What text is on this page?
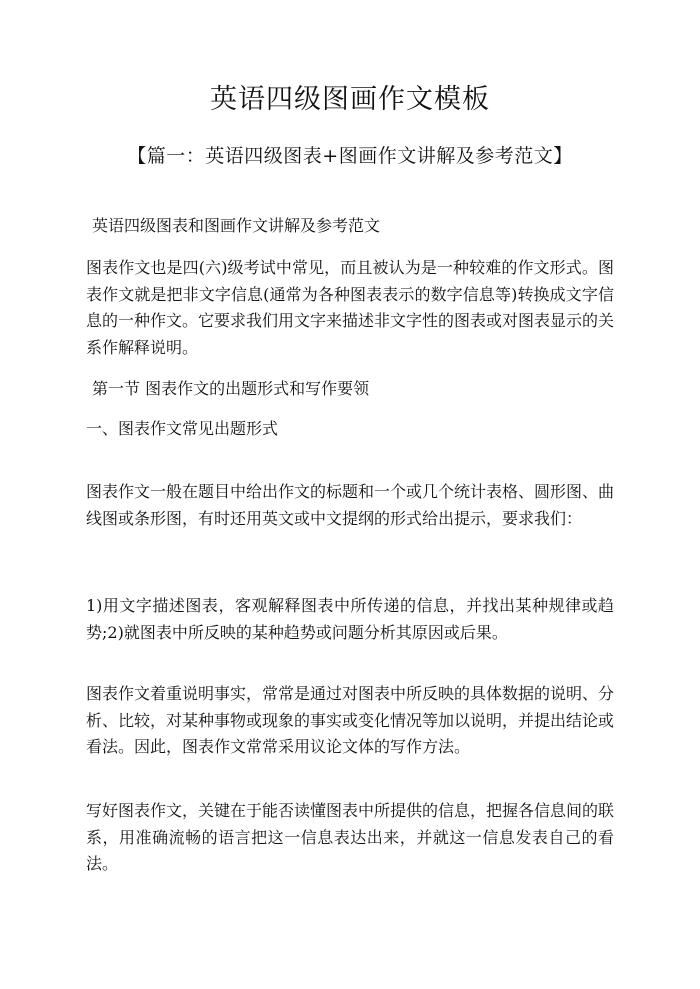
英语四级图画作文模板
【篇一：英语四级图表+图画作文讲解及参考范文】
英语四级图表和图画作文讲解及参考范文
图表作文也是四(六)级考试中常见，而且被认为是一种较难的作文形式。图表作文就是把非文字信息(通常为各种图表表示的数字信息等)转换成文字信息的一种作文。它要求我们用文字来描述非文字性的图表或对图表显示的关系作解释说明。
第一节 图表作文的出题形式和写作要领
一、图表作文常见出题形式
图表作文一般在题目中给出作文的标题和一个或几个统计表格、圆形图、曲线图或条形图，有时还用英文或中文提纲的形式给出提示，要求我们：
1)用文字描述图表，客观解释图表中所传递的信息，并找出某种规律或趋势;2)就图表中所反映的某种趋势或问题分析其原因或后果。
图表作文着重说明事实，常常是通过对图表中所反映的具体数据的说明、分析、比较，对某种事物或现象的事实或变化情况等加以说明，并提出结论或看法。因此，图表作文常常采用议论文体的写作方法。
写好图表作文，关键在于能否读懂图表中所提供的信息，把握各信息间的联系，用准确流畅的语言把这一信息表达出来，并就这一信息发表自己的看法。
